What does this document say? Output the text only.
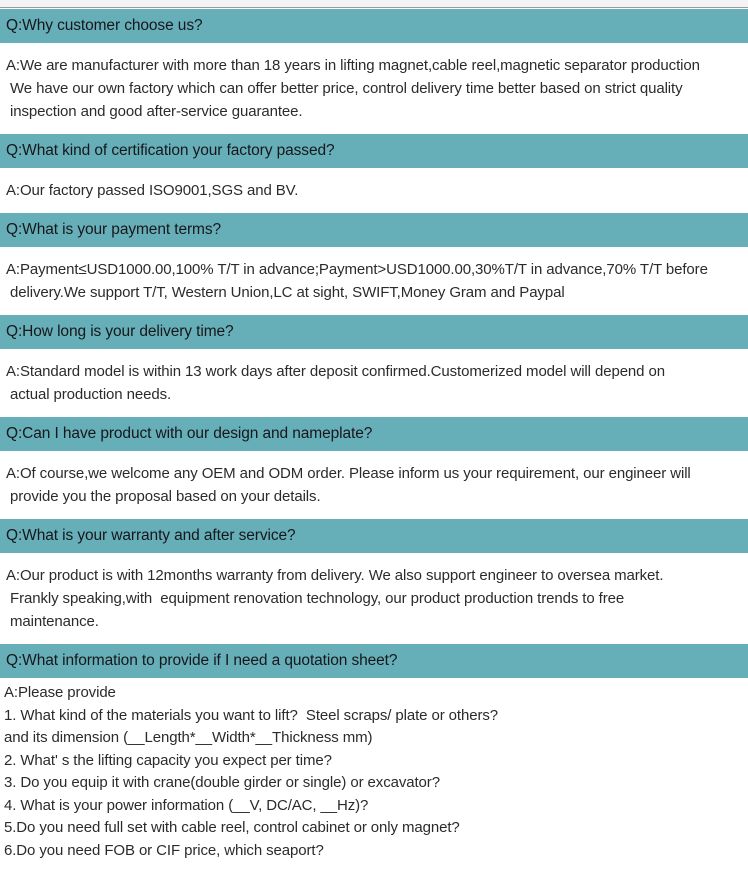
Q:Why customer choose us?
A:We are manufacturer with more than 18 years in lifting magnet,cable reel,magnetic separator production
We have our own factory which can offer better price, control delivery time better based on strict quality
inspection and good after-service guarantee.
Q:What kind of certification your factory passed?
A:Our factory passed ISO9001,SGS and BV.
Q:What is your payment terms?
A:Payment≤USD1000.00,100% T/T in advance;Payment>USD1000.00,30%T/T in advance,70% T/T before
delivery.We support T/T, Western Union,LC at sight, SWIFT,Money Gram and Paypal
Q:How long is your delivery time?
A:Standard model is within 13 work days after deposit confirmed.Customerized model will depend on
actual production needs.
Q:Can I have product with our design and nameplate?
A:Of course,we welcome any OEM and ODM order. Please inform us your requirement, our engineer will
provide you the proposal based on your details.
Q:What is your warranty and after service?
A:Our product is with 12months warranty from delivery. We also support engineer to oversea market.
Frankly speaking,with  equipment renovation technology, our product production trends to free
maintenance.
Q:What information to provide if I need a quotation sheet?
A:Please provide
1. What kind of the materials you want to lift?  Steel scraps/ plate or others?
and its dimension (__Length*__Width*__Thickness mm)
2. What' s the lifting capacity you expect per time?
3. Do you equip it with crane(double girder or single) or excavator?
4. What is your power information (__V, DC/AC, __Hz)?
5.Do you need full set with cable reel, control cabinet or only magnet?
6.Do you need FOB or CIF price, which seaport?
